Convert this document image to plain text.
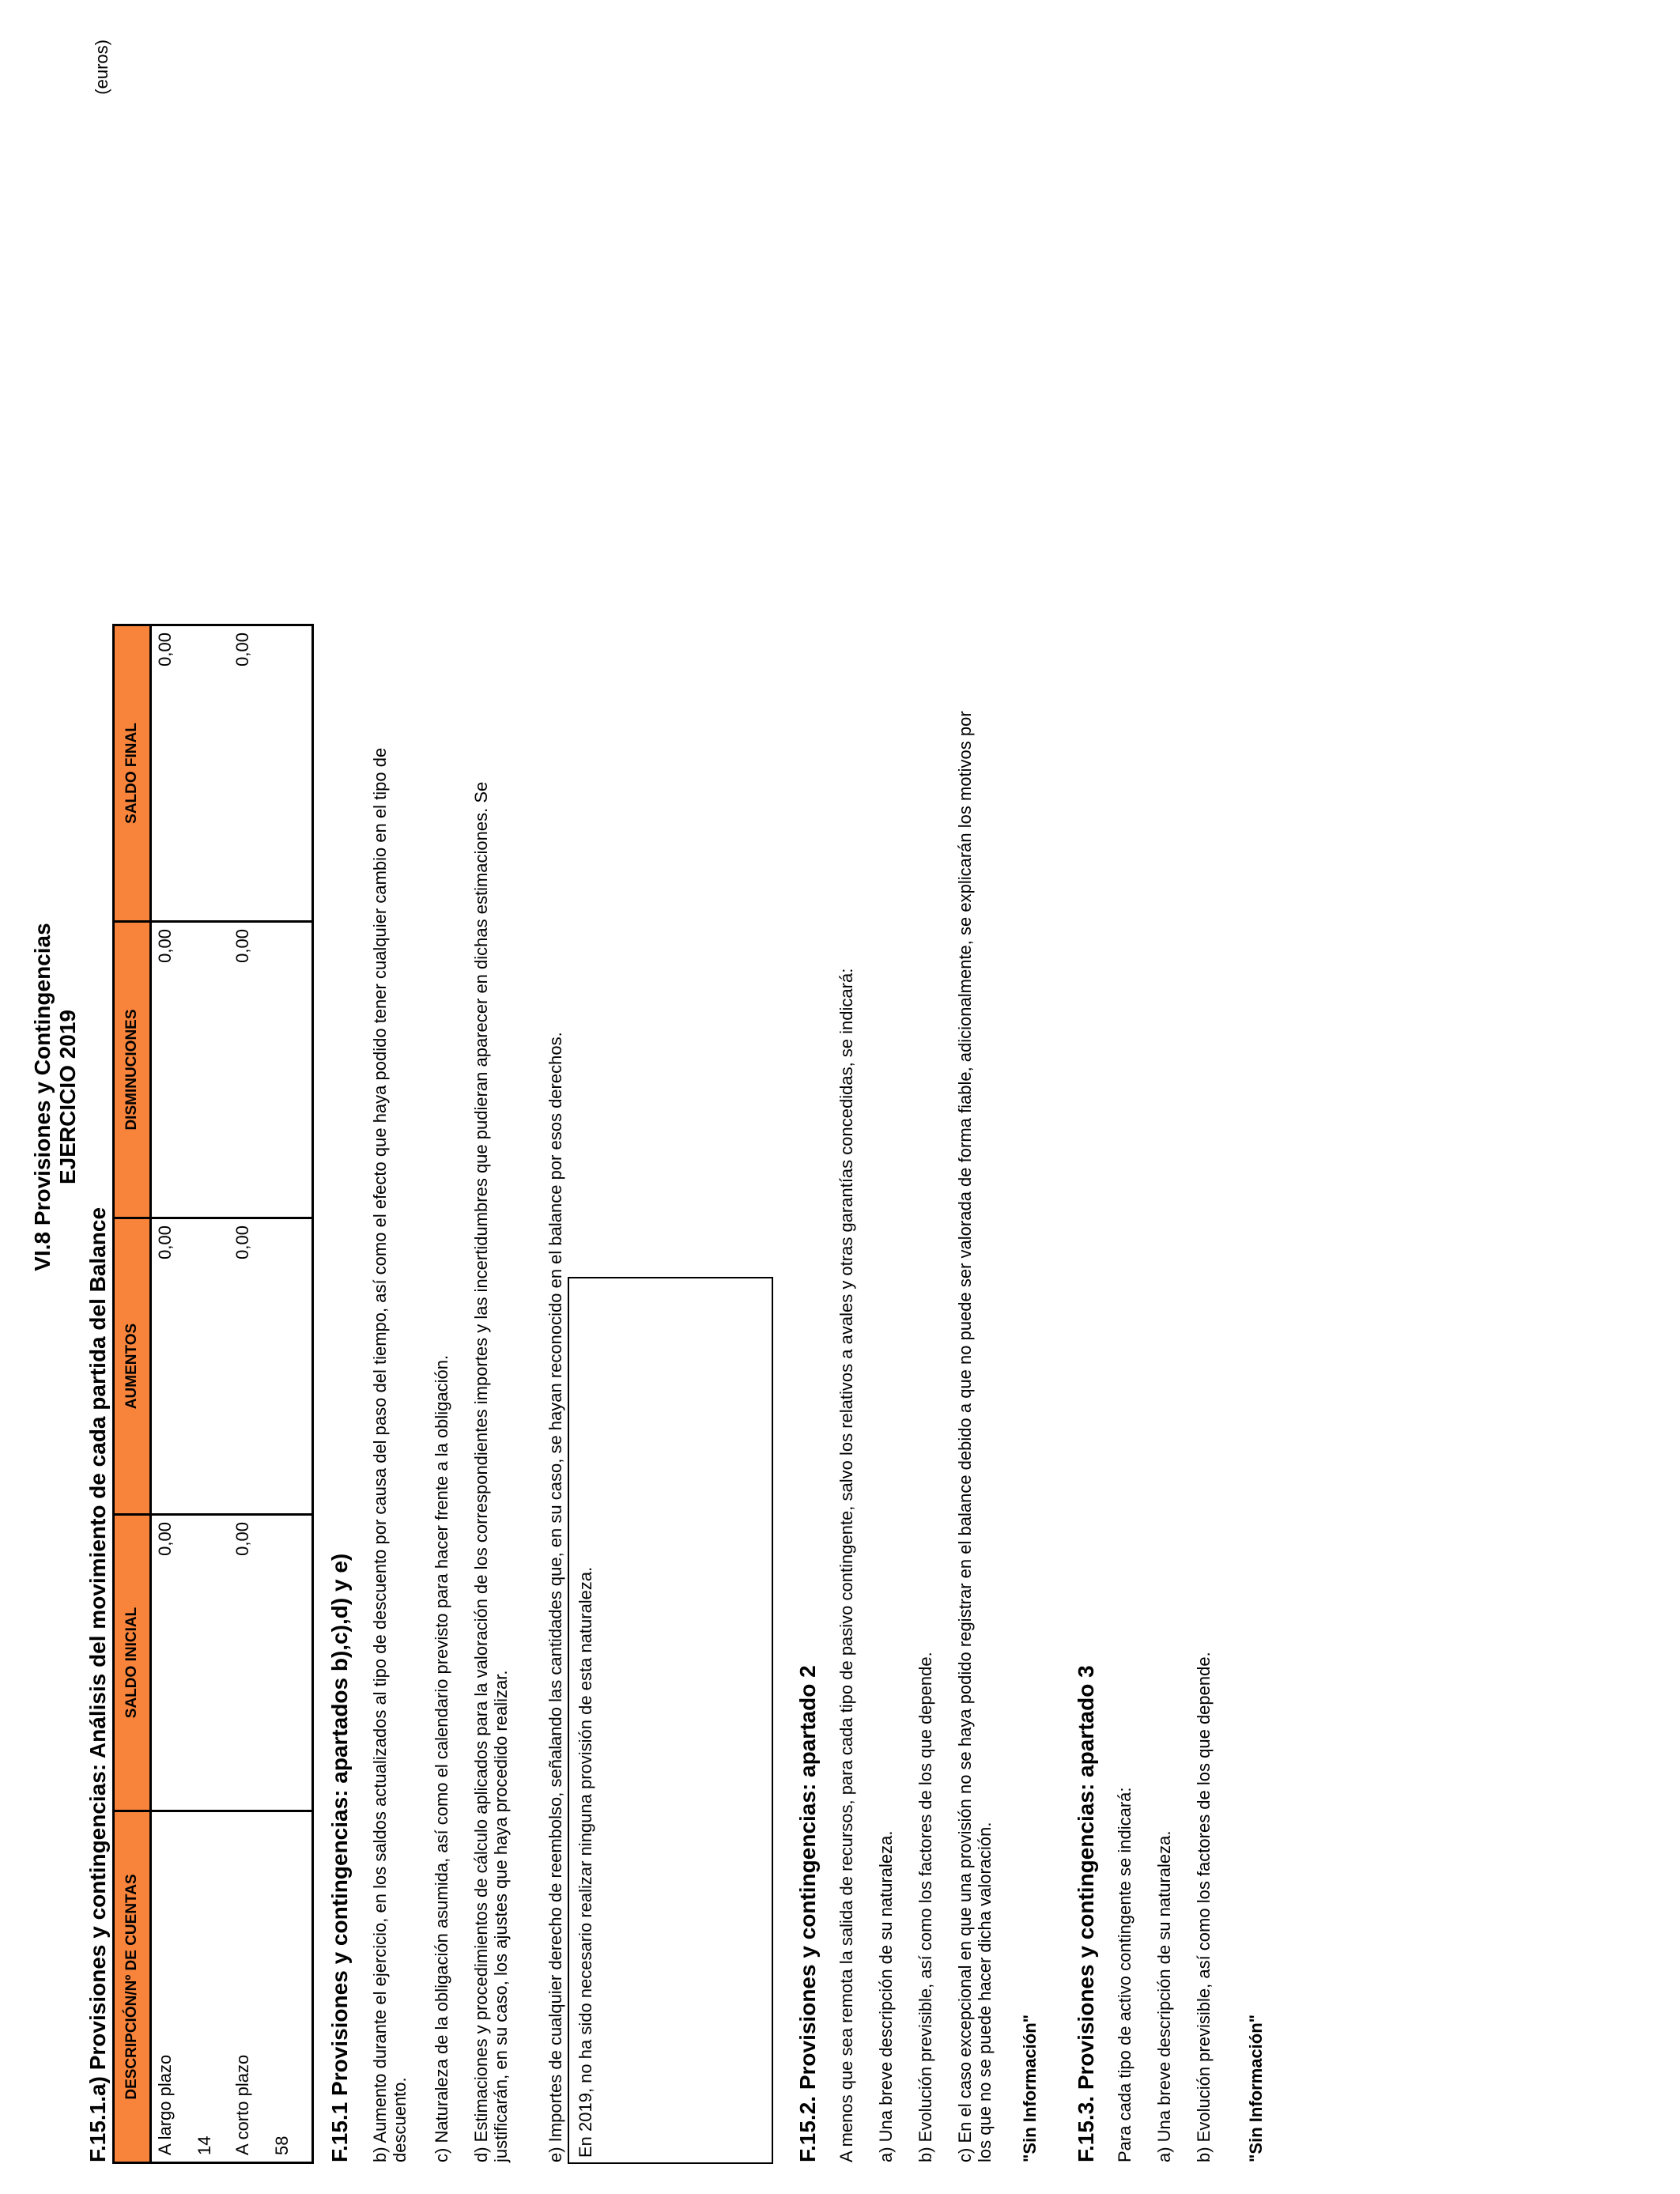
VI.8 Provisiones y Contingencias EJERCICIO 2019
F.15.1.a) Provisiones y contingencias: Análisis del movimiento de cada partida del Balance
(euros)
DESCRIPCIÓN/Nº DE CUENTAS	SALDO INICIAL	AUMENTOS	DISMINUCIONES	SALDO FINAL

A largo plazo 14	0,00	0,00	0,00	0,00

A corto plazo 58	0,00	0,00	0,00	0,00
F.15.1 Provisiones y contingencias: apartados b),c),d) y e) b) Aumento durante el ejercicio, en los saldos actualizados al tipo de descuento por causa del paso del tiempo, así como el efecto que haya podido tener cualquier cambio en el tipo de descuento. c) Naturaleza de la obligación asumida, así como el calendario previsto para hacer frente a la obligación. d) Estimaciones y procedimientos de cálculo aplicados para la valoración de los correspondientes importes y las incertidumbres que pudieran aparecer en dichas estimaciones. Se justificarán, en su caso, los ajustes que haya procedido realizar. e) Importes de cualquier derecho de reembolso, señalando las cantidades que, en su caso, se hayan reconocido en el balance por esos derechos. En 2019, no ha sido necesario realizar ninguna provisión de esta naturaleza.	F.15.2. Provisiones y contingencias: apartado 2 A menos que sea remota la salida de recursos, para cada tipo de pasivo contingente, salvo los relativos a avales y otras garantías concedidas, se indicará: a) Una breve descripción de su naturaleza. b) Evolución previsible, así como los factores de los que depende. c) En el caso excepcional en que una provisión no se haya podido registrar en el balance debido a que no puede ser valorada de forma fiable, adicionalmente, se explicarán los motivos por los que no se puede hacer dicha valoración. "Sin Información" F.15.3. Provisiones y contingencias: apartado 3 Para cada tipo de activo contingente se indicará: a) Una breve descripción de su naturaleza. b) Evolución previsible, así como los factores de los que depende. "Sin Información"
